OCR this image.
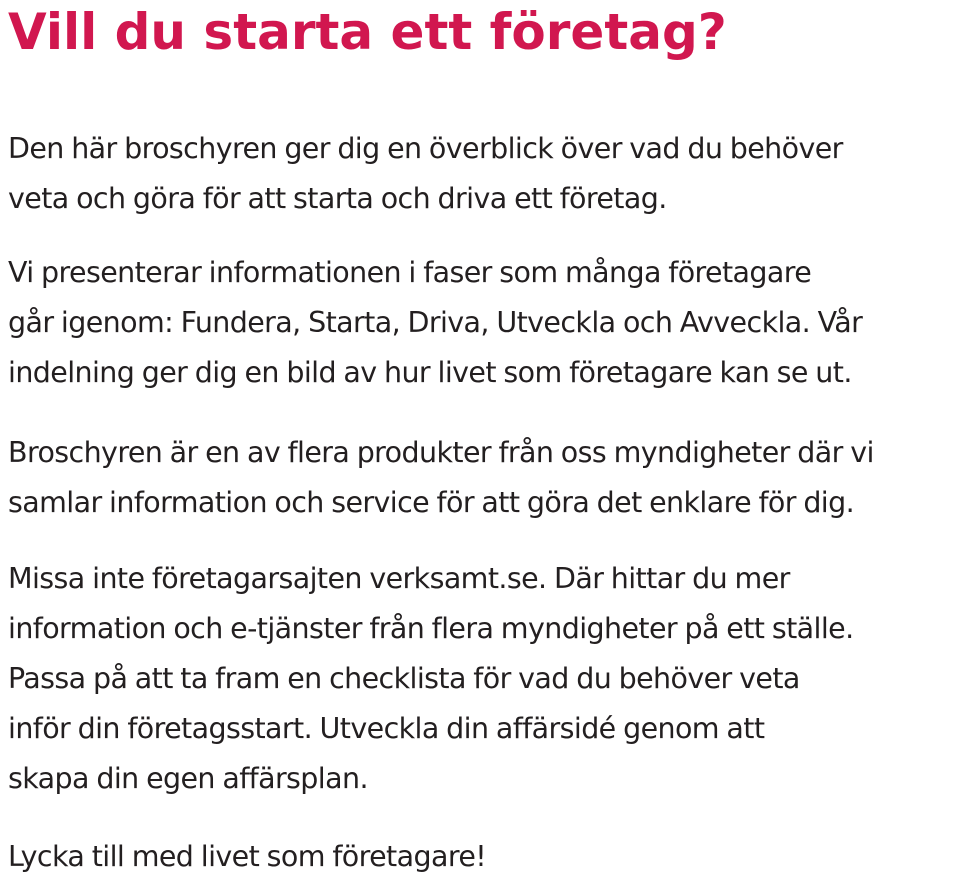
Vill du starta ett företag?

Den här broschyren ger dig en överblick över vad du behöver
veta och göra för att starta och driva ett företag.

Vi presenterar informationen i faser som många företagare
går igenom: Fundera, Starta, Driva, Utveckla och Avveckla. Vår
indelning ger dig en bild av hur livet som företagare kan se ut.

Broschyren är en av flera produkter från oss myndigheter där vi
samlar information och service för att göra det enklare för dig.

Missa inte företagarsajten verksamt.se. Där hittar du mer
information och e-tjänster från flera myndigheter på ett ställe.
Passa på att ta fram en checklista för vad du behöver veta
inför din företagsstart. Utveckla din affärsidé genom att
skapa din egen affärsplan.

Lycka till med livet som företagare!
